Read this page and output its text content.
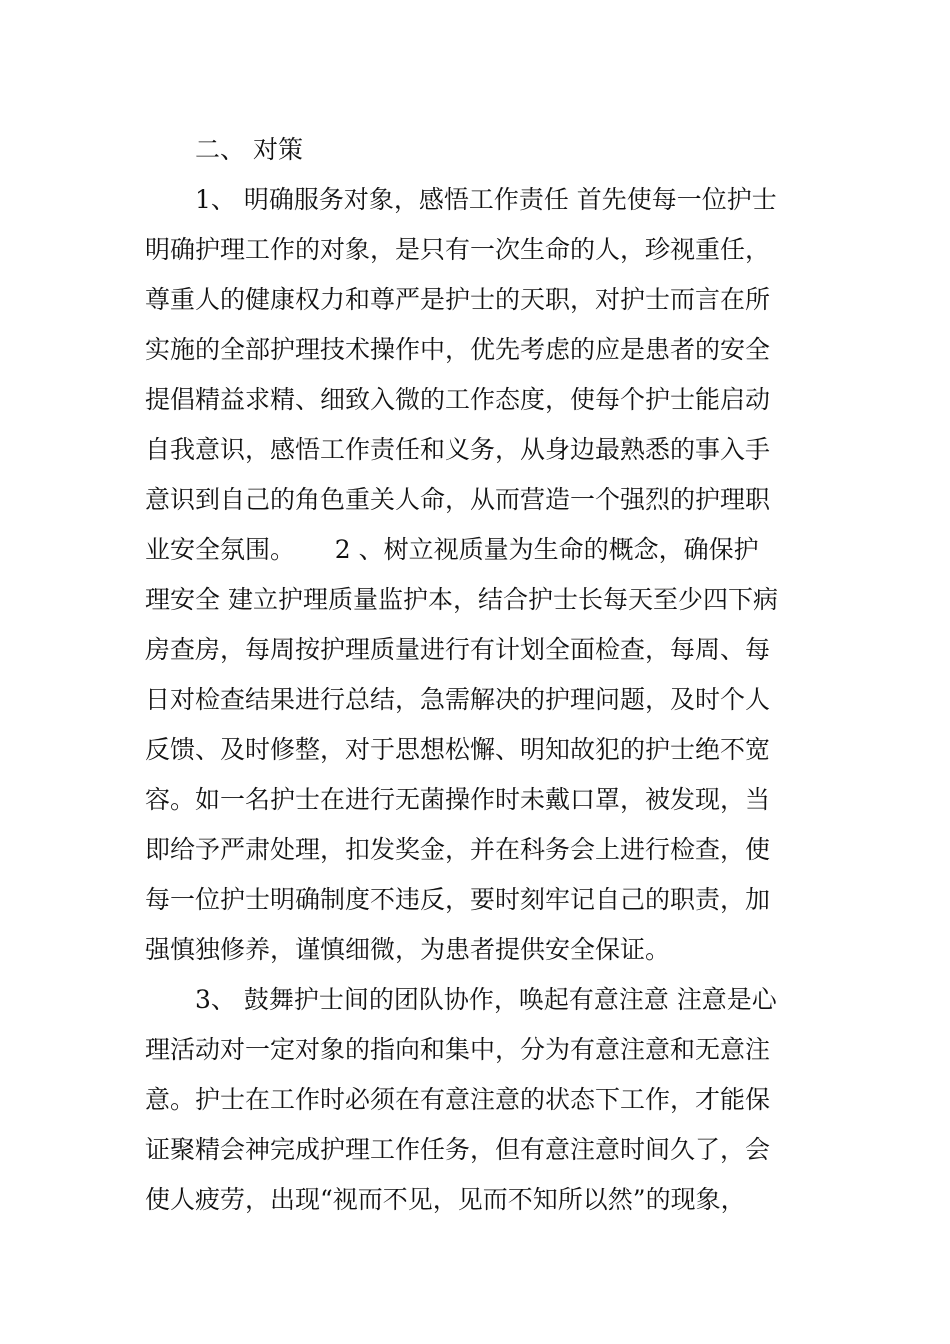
二、 对策

1、 明确服务对象，感悟工作责任 首先使每一位护士

明确护理工作的对象，是只有一次生命的人，珍视重任，

尊重人的健康权力和尊严是护士的天职，对护士而言在所

实施的全部护理技术操作中，优先考虑的应是患者的安全

提倡精益求精、细致入微的工作态度，使每个护士能启动

自我意识，感悟工作责任和义务，从身边最熟悉的事入手

意识到自己的角色重关人命，从而营造一个强烈的护理职

业安全氛围。     2 、树立视质量为生命的概念，确保护

理安全 建立护理质量监护本，结合护士长每天至少四下病

房查房，每周按护理质量进行有计划全面检查，每周、每

日对检查结果进行总结，急需解决的护理问题，及时个人

反馈、及时修整，对于思想松懈、明知故犯的护士绝不宽

容。如一名护士在进行无菌操作时未戴口罩，被发现，当

即给予严肃处理，扣发奖金，并在科务会上进行检查，使

每一位护士明确制度不违反，要时刻牢记自己的职责，加

强慎独修养，谨慎细微，为患者提供安全保证。

3、 鼓舞护士间的团队协作，唤起有意注意 注意是心

理活动对一定对象的指向和集中，分为有意注意和无意注

意。护士在工作时必须在有意注意的状态下工作，才能保

证聚精会神完成护理工作任务，但有意注意时间久了，会

使人疲劳，出现“视而不见，见而不知所以然”的现象，
